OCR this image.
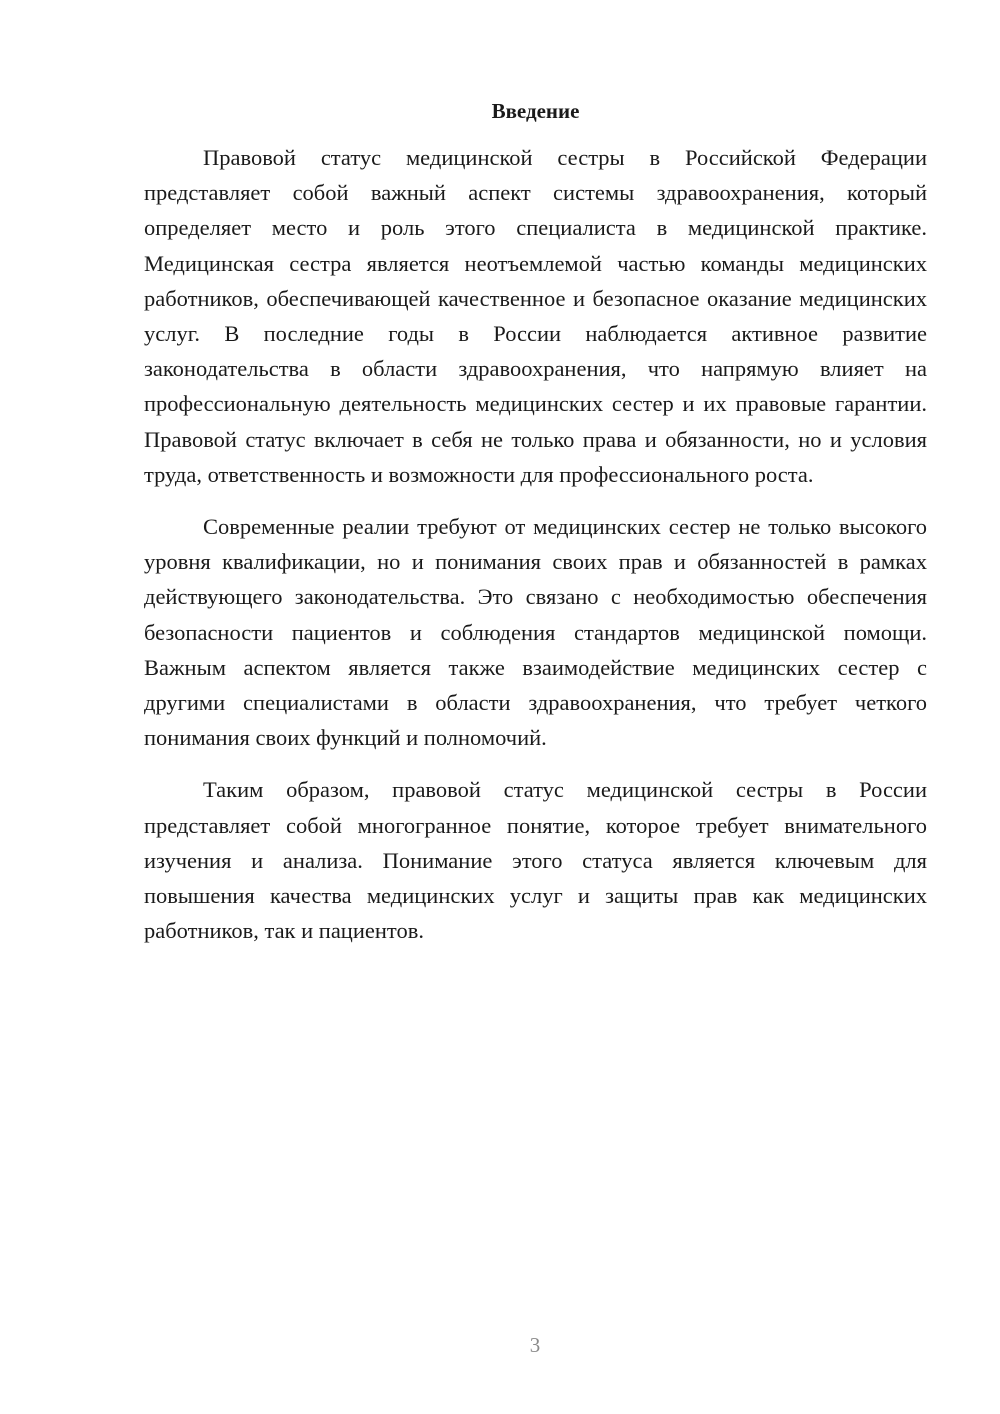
Введение

Правовой статус медицинской сестры в Российской Федерации представляет собой важный аспект системы здравоохранения, который определяет место и роль этого специалиста в медицинской практике. Медицинская сестра является неотъемлемой частью команды медицинских работников, обеспечивающей качественное и безопасное оказание медицинских услуг. В последние годы в России наблюдается активное развитие законодательства в области здравоохранения, что напрямую влияет на профессиональную деятельность медицинских сестер и их правовые гарантии. Правовой статус включает в себя не только права и обязанности, но и условия труда, ответственность и возможности для профессионального роста.

Современные реалии требуют от медицинских сестер не только высокого уровня квалификации, но и понимания своих прав и обязанностей в рамках действующего законодательства. Это связано с необходимостью обеспечения безопасности пациентов и соблюдения стандартов медицинской помощи. Важным аспектом является также взаимодействие медицинских сестер с другими специалистами в области здравоохранения, что требует четкого понимания своих функций и полномочий.

Таким образом, правовой статус медицинской сестры в России представляет собой многогранное понятие, которое требует внимательного изучения и анализа. Понимание этого статуса является ключевым для повышения качества медицинских услуг и защиты прав как медицинских работников, так и пациентов.

3
